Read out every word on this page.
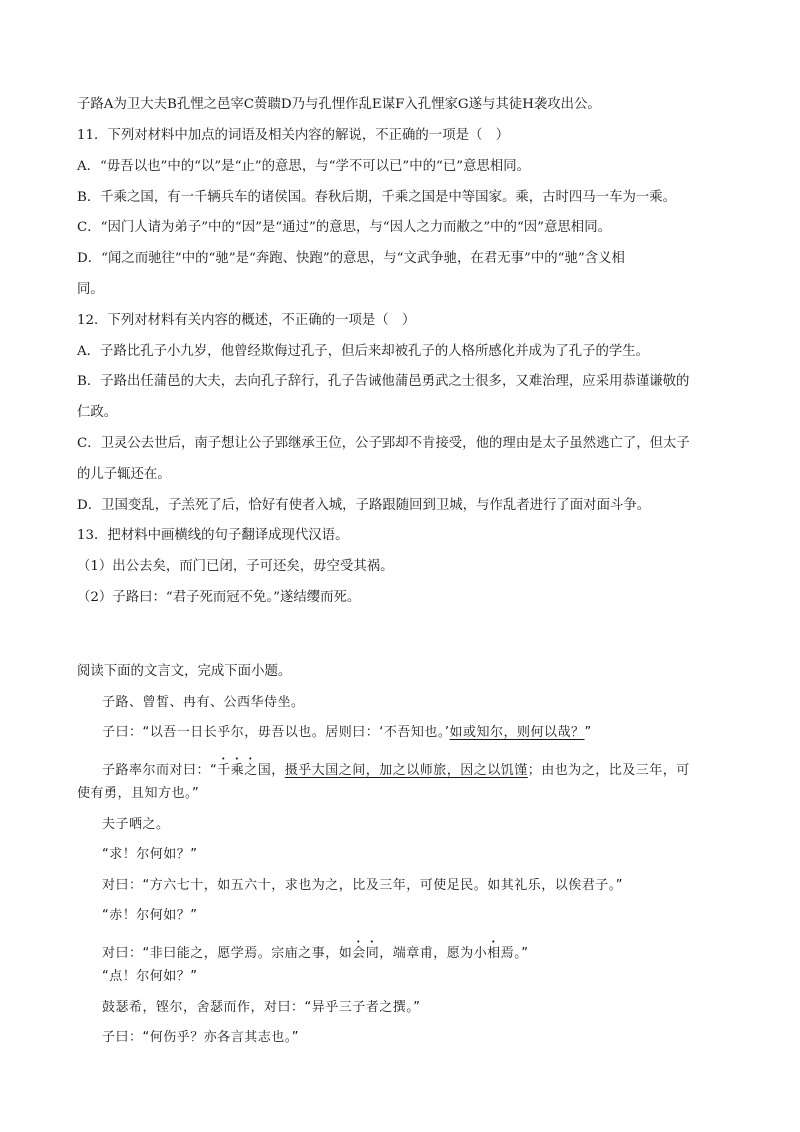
子路A为卫大夫B孔悝之邑宰C蒉聩D乃与孔悝作乱E谋F入孔悝家G遂与其徒H袭攻出公。
11．下列对材料中加点的词语及相关内容的解说，不正确的一项是（　）
A．“毋吾以也”中的“以”是“止”的意思，与“学不可以已”中的“已”意思相同。
B．千乘之国，有一千辆兵车的诸侯国。春秋后期，千乘之国是中等国家。乘，古时四马一车为一乘。
C．“因门人请为弟子”中的“因”是“通过”的意思，与“因人之力而敝之”中的“因”意思相同。
D．“闻之而驰往”中的“驰”是“奔跑、快跑”的意思，与“文武争驰，在君无事”中的“驰”含义相
同。
12．下列对材料有关内容的概述，不正确的一项是（　）
A．子路比孔子小九岁，他曾经欺侮过孔子，但后来却被孔子的人格所感化并成为了孔子的学生。
B．子路出任蒲邑的大夫，去向孔子辞行，孔子告诫他蒲邑勇武之士很多，又难治理，应采用恭谨谦敬的
仁政。
C．卫灵公去世后，南子想让公子郢继承王位，公子郢却不肯接受，他的理由是太子虽然逃亡了，但太子
的儿子辄还在。
D．卫国变乱，子羔死了后，恰好有使者入城，子路跟随回到卫城，与作乱者进行了面对面斗争。
13．把材料中画横线的句子翻译成现代汉语。
（1）出公去矣，而门已闭，子可还矣，毋空受其祸。
（2）子路曰：“君子死而冠不免。”遂结缨而死。
阅读下面的文言文，完成下面小题。
子路、曾皙、冉有、公西华侍坐。
子曰：“以吾一日长乎尔，毋吾以也。居则曰：‘不吾知也。’如或知尔，则何以哉？”
子路率尔而对曰：“千乘之国，摄乎大国之间，加之以师旅，因之以饥馑；由也为之，比及三年，可
使有勇，且知方也。”
夫子哂之。
“求！尔何如？”
对曰：“方六七十，如五六十，求也为之，比及三年，可使足民。如其礼乐，以俟君子。”
“赤！尔何如？”
对曰：“非曰能之，愿学焉。宗庙之事，如会同，端章甫，愿为小相焉。”
“点！尔何如？”
鼓瑟希，铿尔，舍瑟而作，对曰：“异乎三子者之撰。”
子曰：“何伤乎？亦各言其志也。”
